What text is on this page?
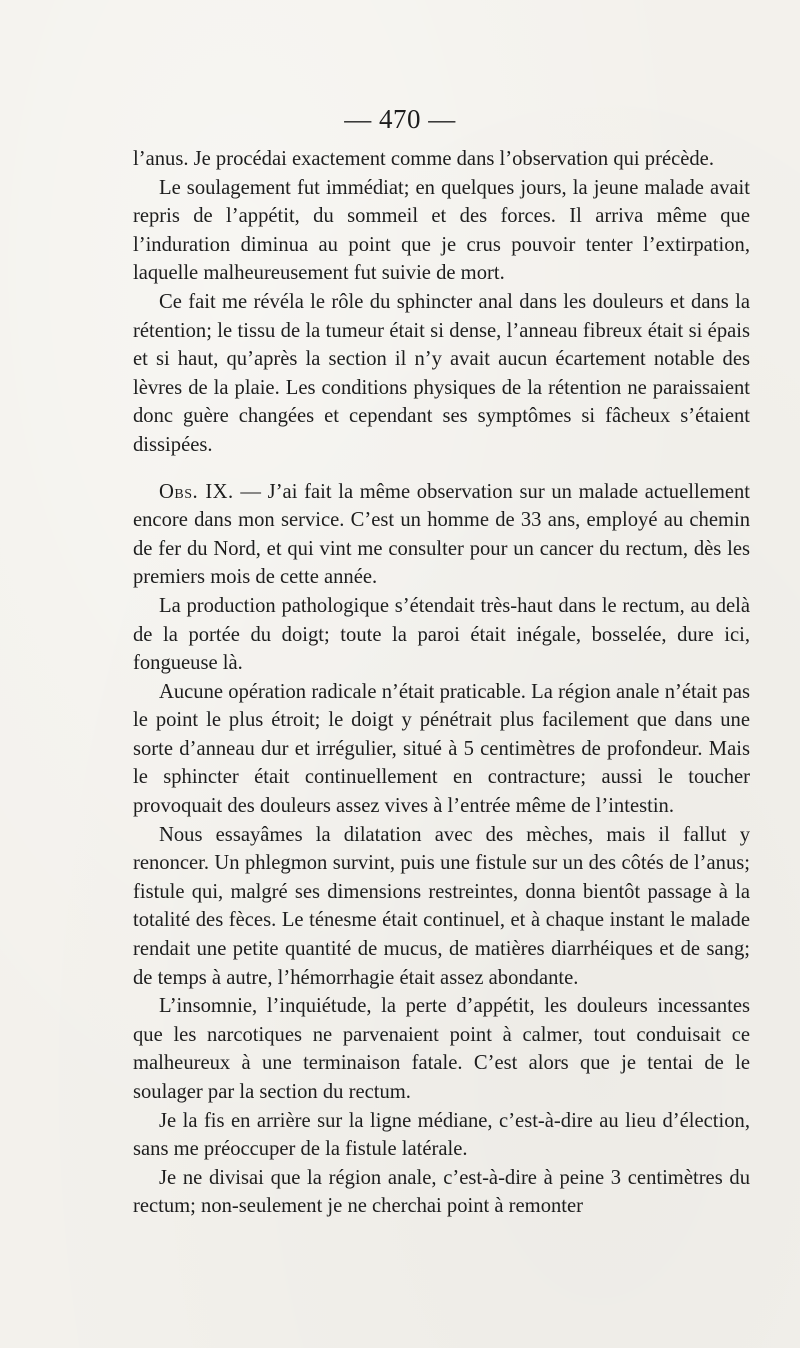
— 470 —

l’anus. Je procédai exactement comme dans l’observation qui précède.

Le soulagement fut immédiat; en quelques jours, la jeune malade avait repris de l’appétit, du sommeil et des forces. Il arriva même que l’induration diminua au point que je crus pouvoir tenter l’extirpation, laquelle malheureusement fut suivie de mort.

Ce fait me révéla le rôle du sphincter anal dans les douleurs et dans la rétention; le tissu de la tumeur était si dense, l’anneau fibreux était si épais et si haut, qu’après la section il n’y avait aucun écartement notable des lèvres de la plaie. Les conditions physiques de la rétention ne paraissaient donc guère changées et cependant ses symptômes si fâcheux s’étaient dissipées.

Obs. IX. — J’ai fait la même observation sur un malade actuellement encore dans mon service. C’est un homme de 33 ans, employé au chemin de fer du Nord, et qui vint me consulter pour un cancer du rectum, dès les premiers mois de cette année.

La production pathologique s’étendait très-haut dans le rectum, au delà de la portée du doigt; toute la paroi était inégale, bosselée, dure ici, fongueuse là.

Aucune opération radicale n’était praticable. La région anale n’était pas le point le plus étroit; le doigt y pénétrait plus facilement que dans une sorte d’anneau dur et irrégulier, situé à 5 centimètres de profondeur. Mais le sphincter était continuellement en contracture; aussi le toucher provoquait des douleurs assez vives à l’entrée même de l’intestin.

Nous essayâmes la dilatation avec des mèches, mais il fallut y renoncer. Un phlegmon survint, puis une fistule sur un des côtés de l’anus; fistule qui, malgré ses dimensions restreintes, donna bientôt passage à la totalité des fèces. Le ténesme était continuel, et à chaque instant le malade rendait une petite quantité de mucus, de matières diarrhéiques et de sang; de temps à autre, l’hémorrhagie était assez abondante.

L’insomnie, l’inquiétude, la perte d’appétit, les douleurs incessantes que les narcotiques ne parvenaient point à calmer, tout conduisait ce malheureux à une terminaison fatale. C’est alors que je tentai de le soulager par la section du rectum.

Je la fis en arrière sur la ligne médiane, c’est-à-dire au lieu d’élection, sans me préoccuper de la fistule latérale.

Je ne divisai que la région anale, c’est-à-dire à peine 3 centimètres du rectum; non-seulement je ne cherchai point à remonter
